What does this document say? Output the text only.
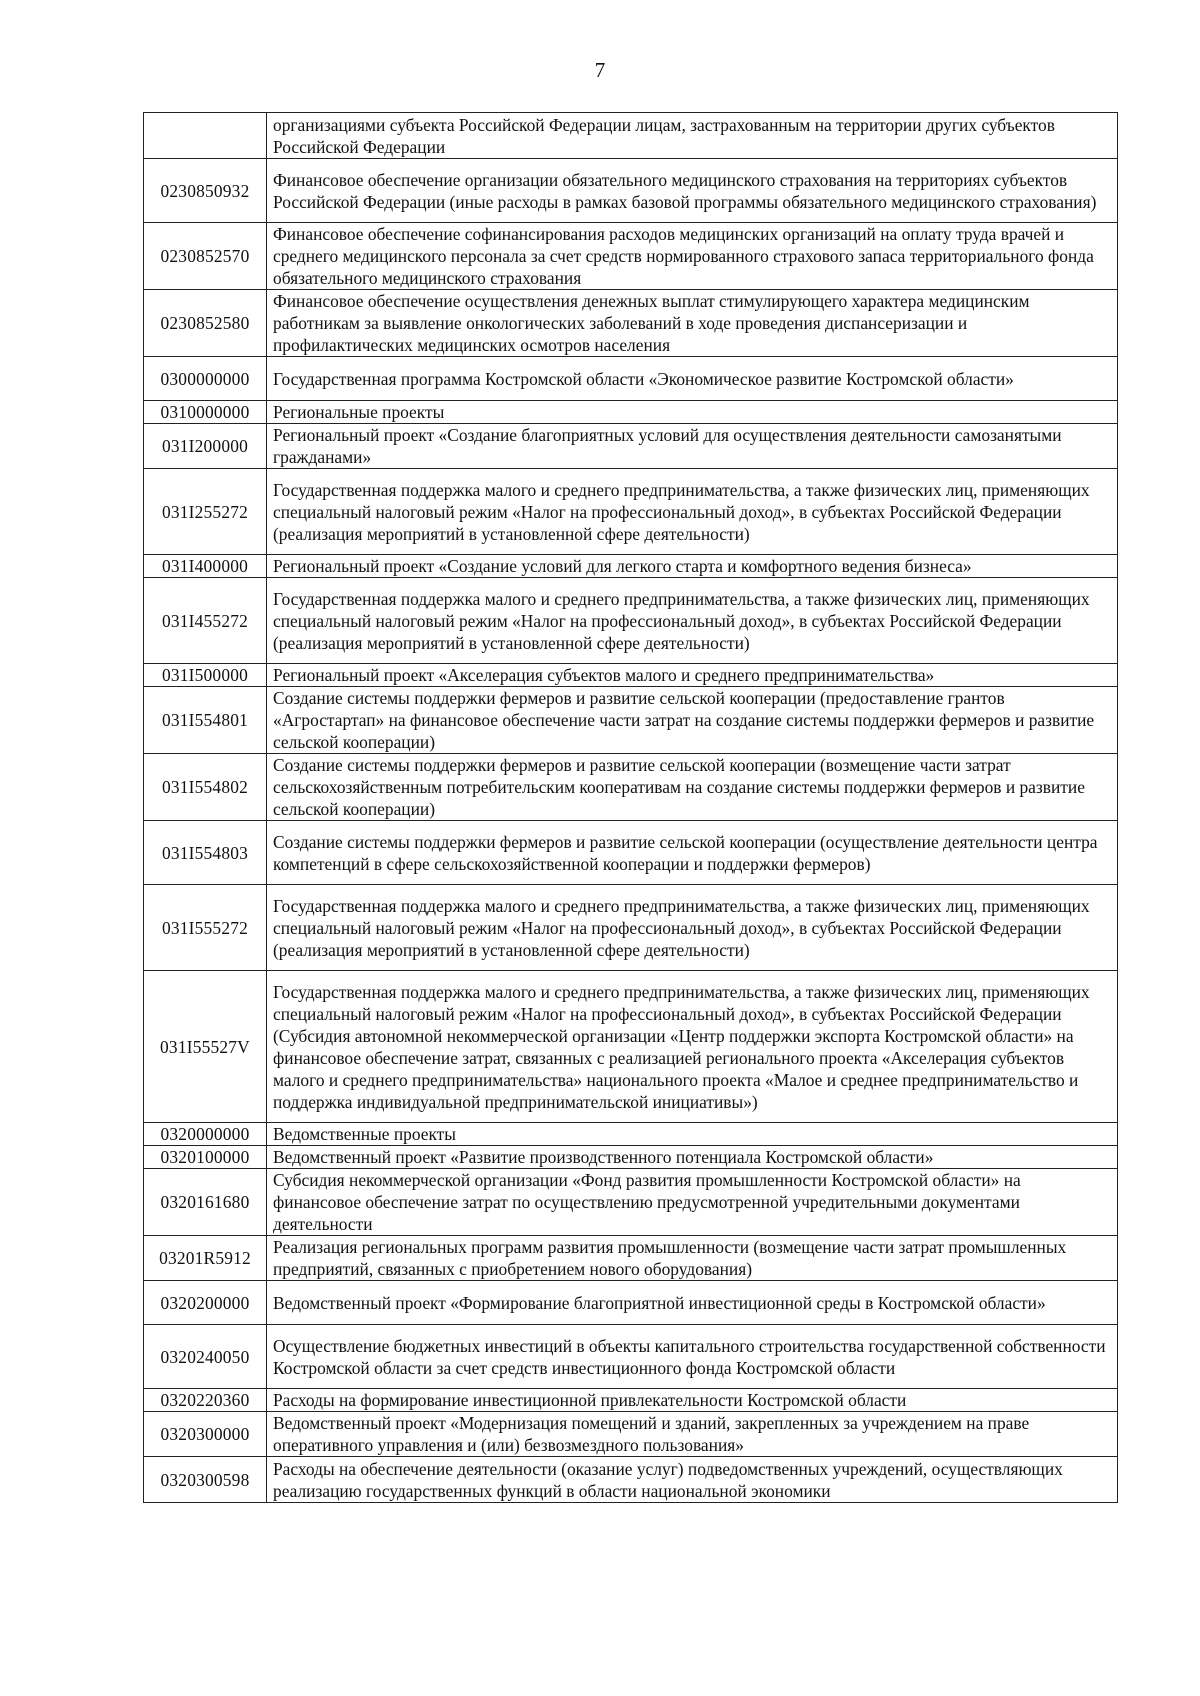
7
	организациями субъекта Российской Федерации лицам, застрахованным на территории других субъектов Российской Федерации
0230850932	Финансовое обеспечение организации обязательного медицинского страхования на территориях субъектов Российской Федерации (иные расходы в рамках базовой программы обязательного медицинского страхования)
0230852570	Финансовое обеспечение софинансирования расходов медицинских организаций на оплату труда врачей и среднего медицинского персонала за счет средств нормированного страхового запаса территориального фонда обязательного медицинского страхования
0230852580	Финансовое обеспечение осуществления денежных выплат стимулирующего характера медицинским работникам за выявление онкологических заболеваний в ходе проведения диспансеризации и профилактических медицинских осмотров населения
0300000000	Государственная программа Костромской области «Экономическое развитие Костромской области»
0310000000	Региональные проекты
031I200000	Региональный проект «Создание благоприятных условий для осуществления деятельности самозанятыми гражданами»
031I255272	Государственная поддержка малого и среднего предпринимательства, а также физических лиц, применяющих специальный налоговый режим «Налог на профессиональный доход», в субъектах Российской Федерации (реализация мероприятий в установленной сфере деятельности)
031I400000	Региональный проект «Создание условий для легкого старта и комфортного ведения бизнеса»
031I455272	Государственная поддержка малого и среднего предпринимательства, а также физических лиц, применяющих специальный налоговый режим «Налог на профессиональный доход», в субъектах Российской Федерации (реализация мероприятий в установленной сфере деятельности)
031I500000	Региональный проект «Акселерация субъектов малого и среднего предпринимательства»
031I554801	Создание системы поддержки фермеров и развитие сельской кооперации (предоставление грантов «Агростартап» на финансовое обеспечение части затрат на создание системы поддержки фермеров и развитие сельской кооперации)
031I554802	Создание системы поддержки фермеров и развитие сельской кооперации (возмещение части затрат сельскохозяйственным потребительским кооперативам на создание системы поддержки фермеров и развитие сельской кооперации)
031I554803	Создание системы поддержки фермеров и развитие сельской кооперации (осуществление деятельности центра компетенций в сфере сельскохозяйственной кооперации и поддержки фермеров)
031I555272	Государственная поддержка малого и среднего предпринимательства, а также физических лиц, применяющих специальный налоговый режим «Налог на профессиональный доход», в субъектах Российской Федерации (реализация мероприятий в установленной сфере деятельности)
031I55527V	Государственная поддержка малого и среднего предпринимательства, а также физических лиц, применяющих специальный налоговый режим «Налог на профессиональный доход», в субъектах Российской Федерации (Субсидия автономной некоммерческой организации «Центр поддержки экспорта Костромской области» на финансовое обеспечение затрат, связанных с реализацией регионального проекта «Акселерация субъектов малого и среднего предпринимательства» национального проекта «Малое и среднее предпринимательство и поддержка индивидуальной предпринимательской инициативы»)
0320000000	Ведомственные проекты
0320100000	Ведомственный проект «Развитие производственного потенциала Костромской области»
0320161680	Субсидия некоммерческой организации «Фонд развития промышленности Костромской области» на финансовое обеспечение затрат по осуществлению предусмотренной учредительными документами деятельности
03201R5912	Реализация региональных программ развития промышленности (возмещение части затрат промышленных предприятий, связанных с приобретением нового оборудования)
0320200000	Ведомственный проект «Формирование благоприятной инвестиционной среды в Костромской области»
0320240050	Осуществление бюджетных инвестиций в объекты капитального строительства государственной собственности Костромской области за счет средств инвестиционного фонда Костромской области
0320220360	Расходы на формирование инвестиционной привлекательности Костромской области
0320300000	Ведомственный проект «Модернизация помещений и зданий, закрепленных за учреждением на праве оперативного управления и (или) безвозмездного пользования»
0320300598	Расходы на обеспечение деятельности (оказание услуг) подведомственных учреждений, осуществляющих реализацию государственных функций в области национальной экономики
